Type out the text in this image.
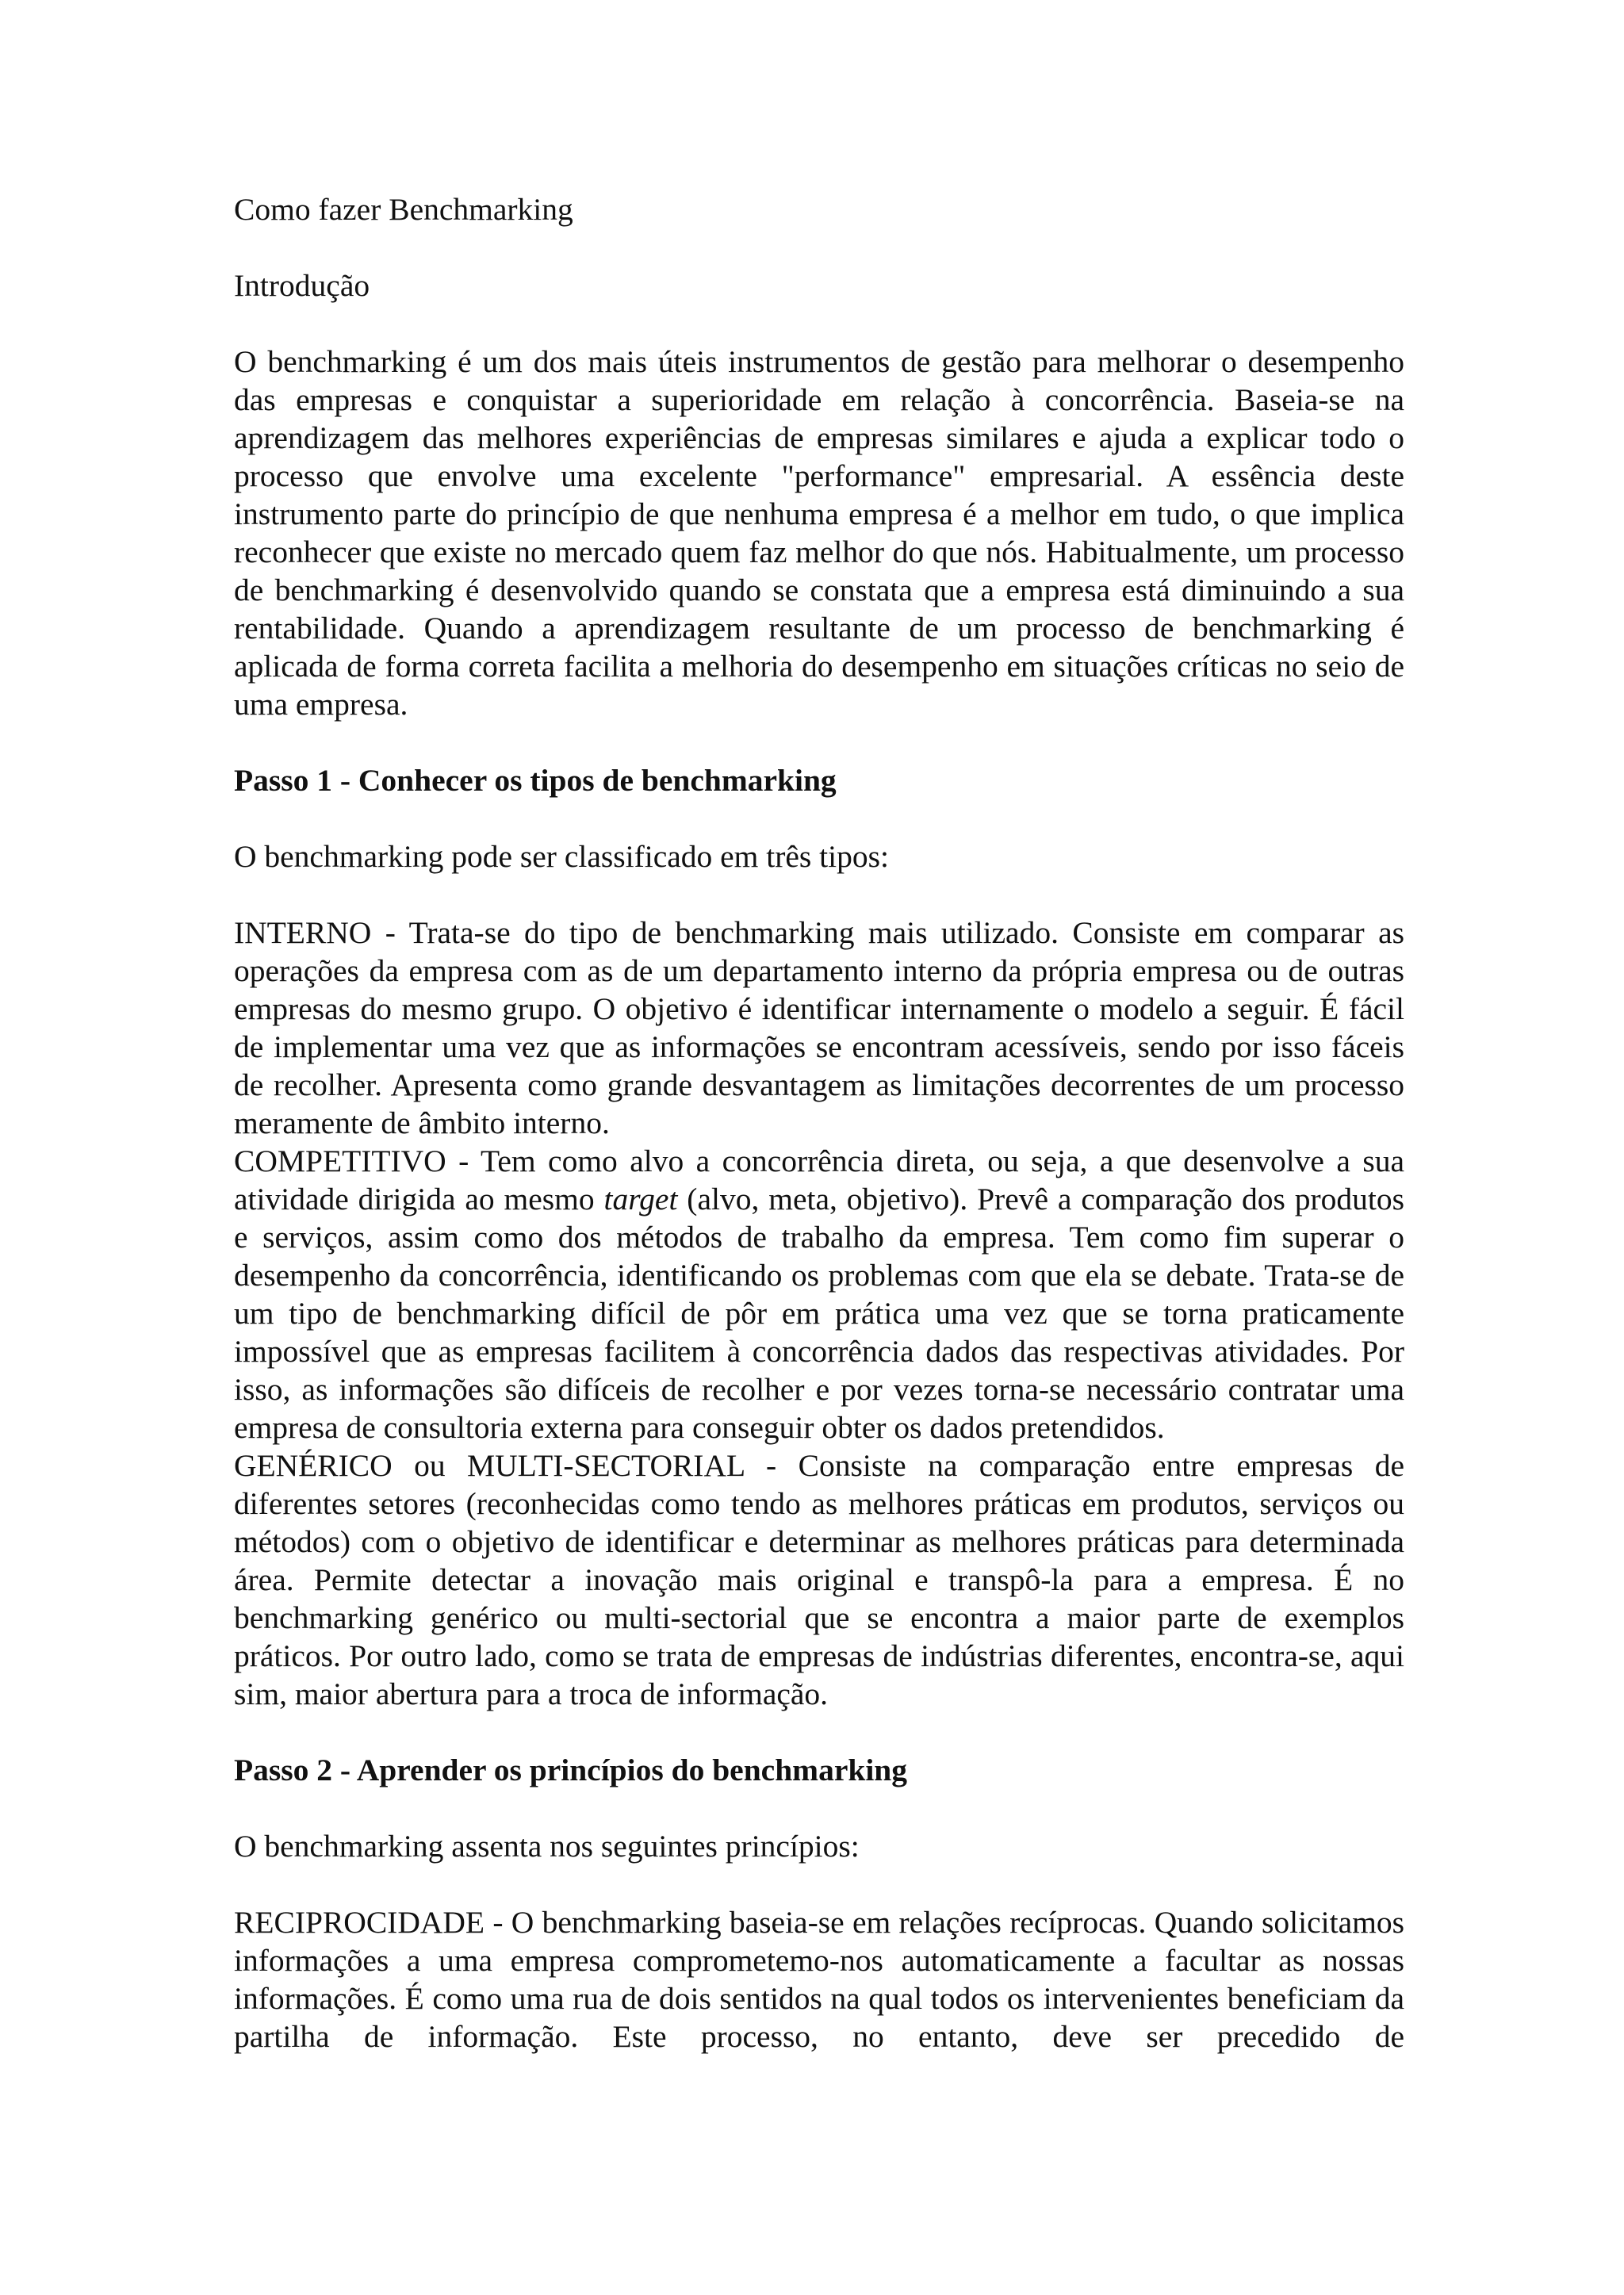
Como fazer Benchmarking

Introdução

O benchmarking é um dos mais úteis instrumentos de gestão para melhorar o desempenho das empresas e conquistar a superioridade em relação à concorrência. Baseia-se na aprendizagem das melhores experiências de empresas similares e ajuda a explicar todo o processo que envolve uma excelente "performance" empresarial. A essência deste instrumento parte do princípio de que nenhuma empresa é a melhor em tudo, o que implica reconhecer que existe no mercado quem faz melhor do que nós. Habitualmente, um processo de benchmarking é desenvolvido quando se constata que a empresa está diminuindo a sua rentabilidade. Quando a aprendizagem resultante de um processo de benchmarking é aplicada de forma correta facilita a melhoria do desempenho em situações críticas no seio de uma empresa.

Passo 1 - Conhecer os tipos de benchmarking

O benchmarking pode ser classificado em três tipos:

INTERNO - Trata-se do tipo de benchmarking mais utilizado. Consiste em comparar as operações da empresa com as de um departamento interno da própria empresa ou de outras empresas do mesmo grupo. O objetivo é identificar internamente o modelo a seguir. É fácil de implementar uma vez que as informações se encontram acessíveis, sendo por isso fáceis de recolher. Apresenta como grande desvantagem as limitações decorrentes de um processo meramente de âmbito interno.

COMPETITIVO - Tem como alvo a concorrência direta, ou seja, a que desenvolve a sua atividade dirigida ao mesmo target (alvo, meta, objetivo). Prevê a comparação dos produtos e serviços, assim como dos métodos de trabalho da empresa. Tem como fim superar o desempenho da concorrência, identificando os problemas com que ela se debate. Trata-se de um tipo de benchmarking difícil de pôr em prática uma vez que se torna praticamente impossível que as empresas facilitem à concorrência dados das respectivas atividades. Por isso, as informações são difíceis de recolher e por vezes torna-se necessário contratar uma empresa de consultoria externa para conseguir obter os dados pretendidos.

GENÉRICO ou MULTI-SECTORIAL - Consiste na comparação entre empresas de diferentes setores (reconhecidas como tendo as melhores práticas em produtos, serviços ou métodos) com o objetivo de identificar e determinar as melhores práticas para determinada área. Permite detectar a inovação mais original e transpô-la para a empresa. É no benchmarking genérico ou multi-sectorial que se encontra a maior parte de exemplos práticos. Por outro lado, como se trata de empresas de indústrias diferentes, encontra-se, aqui sim, maior abertura para a troca de informação.

Passo 2 - Aprender os princípios do benchmarking

O benchmarking assenta nos seguintes princípios:

RECIPROCIDADE - O benchmarking baseia-se em relações recíprocas. Quando solicitamos informações a uma empresa comprometemo-nos automaticamente a facultar as nossas informações. É como uma rua de dois sentidos na qual todos os intervenientes beneficiam da partilha de informação. Este processo, no entanto, deve ser precedido de
